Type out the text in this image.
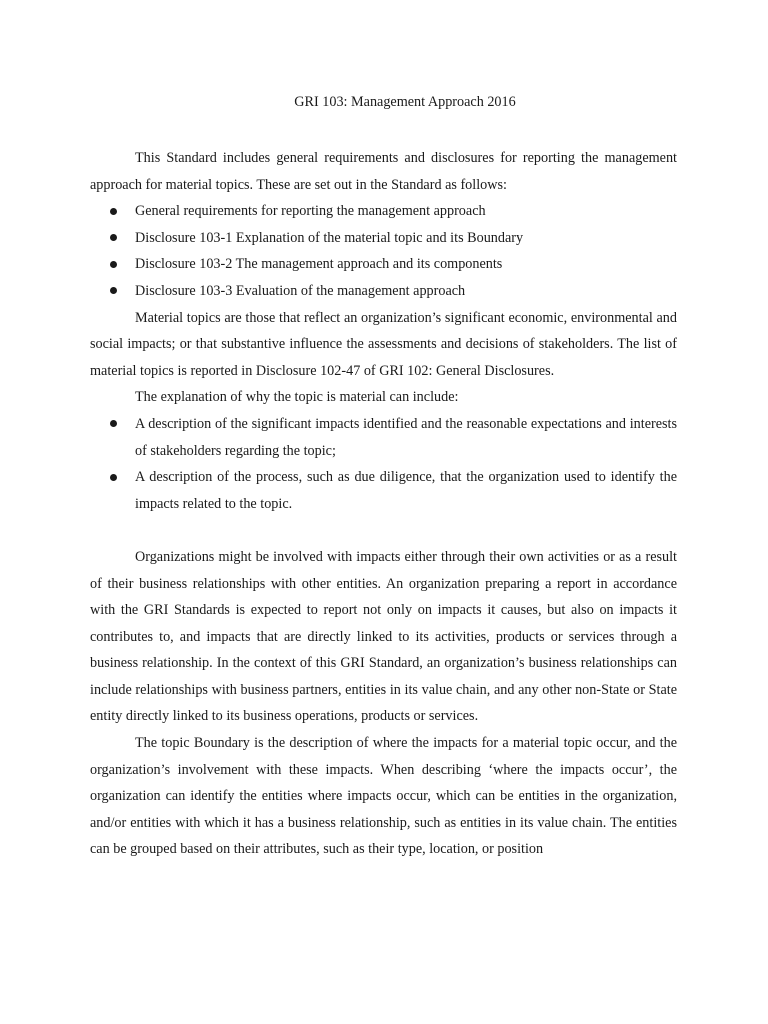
GRI 103: Management Approach 2016

This Standard includes general requirements and disclosures for reporting the management approach for material topics. These are set out in the Standard as follows:

General requirements for reporting the management approach
Disclosure 103-1 Explanation of the material topic and its Boundary
Disclosure 103-2 The management approach and its components
Disclosure 103-3 Evaluation of the management approach

Material topics are those that reflect an organization’s significant economic, environmental and social impacts; or that substantive influence the assessments and decisions of stakeholders. The list of material topics is reported in Disclosure 102-47 of GRI 102: General Disclosures.

The explanation of why the topic is material can include:

A description of the significant impacts identified and the reasonable expectations and interests of stakeholders regarding the topic;
A description of the process, such as due diligence, that the organization used to identify the impacts related to the topic.

Organizations might be involved with impacts either through their own activities or as a result of their business relationships with other entities. An organization preparing a report in accordance with the GRI Standards is expected to report not only on impacts it causes, but also on impacts it contributes to, and impacts that are directly linked to its activities, products or services through a business relationship. In the context of this GRI Standard, an organization’s business relationships can include relationships with business partners, entities in its value chain, and any other non-State or State entity directly linked to its business operations, products or services.

The topic Boundary is the description of where the impacts for a material topic occur, and the organization’s involvement with these impacts. When describing ‘where the impacts occur’, the organization can identify the entities where impacts occur, which can be entities in the organization, and/or entities with which it has a business relationship, such as entities in its value chain. The entities can be grouped based on their attributes, such as their type, location, or position
